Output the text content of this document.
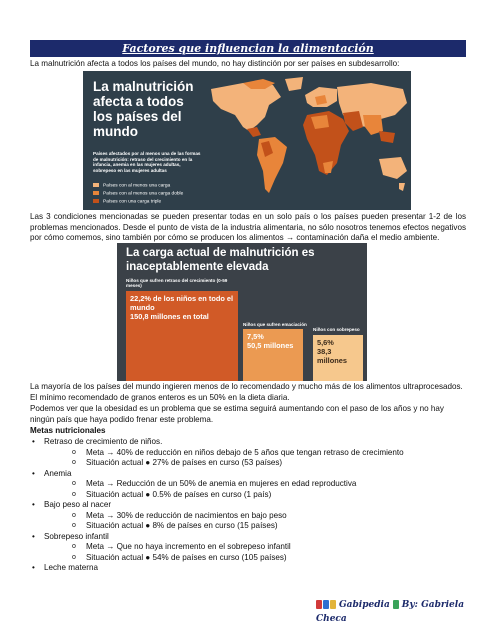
Factores que influencian la alimentación
La malnutrición afecta a todos los países del mundo, no hay distinción por ser países en subdesarrollo:
La malnutrición afecta a todos los países del mundo
Países afectados por al menos una de las formas de malnutrición: retraso del crecimiento en la infancia, anemia en las mujeres adultas, sobrepeso en las mujeres adultas
Países con al menos una carga
Países con al menos una carga doble
Países con una carga triple
Las 3 condiciones mencionadas se pueden presentar todas en un solo país o los países pueden presentar 1-2 de los problemas mencionados. Desde el punto de vista de la industria alimentaria, no sólo nosotros tenemos efectos negativos por cómo comemos, sino también por cómo se producen los alimentos → contaminación daña el medio ambiente.
La carga actual de malnutrición es inaceptablemente elevada
Niños que sufren retraso del crecimiento (0-59 meses)
22,2% de los niños en todo el mundo
150,8 millones en total
Niños que sufren emaciación
7,5%
50,5 millones
Niños con sobrepeso
5,6%
38,3 millones
La mayoría de los países del mundo ingieren menos de lo recomendado y mucho más de los alimentos ultraprocesados. El mínimo recomendado de granos enteros es un 50% en la dieta diaria.
Podemos ver que la obesidad es un problema que se estima seguirá aumentando con el paso de los años y no hay ningún país que haya podido frenar este problema.
Metas nutricionales
• Retraso de crecimiento de niños.
o Meta → 40% de reducción en niños debajo de 5 años que tengan retraso de crecimiento
o Situación actual ● 27% de países en curso (53 países)
• Anemia
o Meta → Reducción de un 50% de anemia en mujeres en edad reproductiva
o Situación actual ● 0.5% de países en curso (1 país)
• Bajo peso al nacer
o Meta → 30% de reducción de nacimientos en bajo peso
o Situación actual ● 8% de países en curso (15 países)
• Sobrepeso infantil
o Meta → Que no haya incremento en el sobrepeso infantil
o Situación actual ● 54% de países en curso (105 países)
• Leche materna
Gabipedia By: Gabriela Checa
